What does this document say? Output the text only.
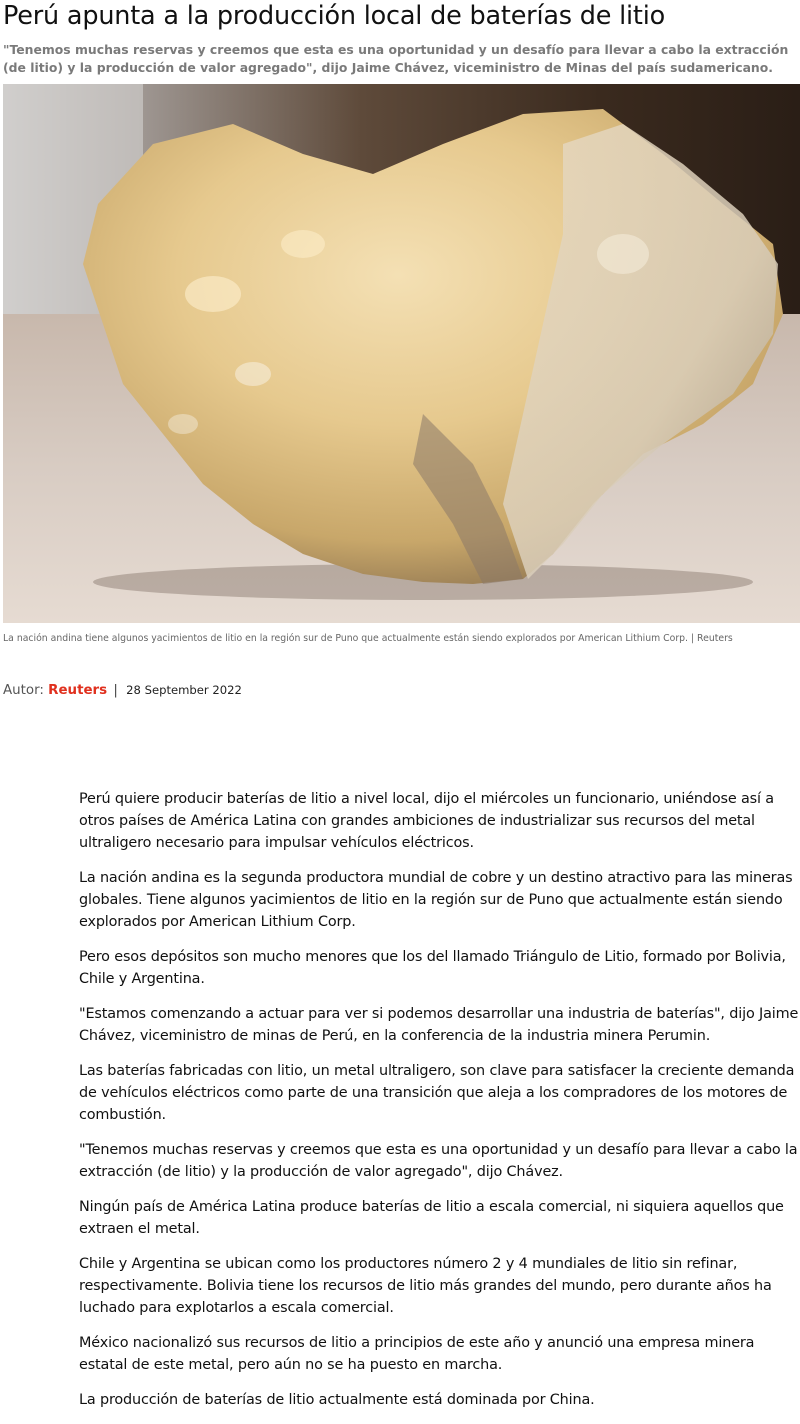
Perú apunta a la producción local de baterías de litio

"Tenemos muchas reservas y creemos que esta es una oportunidad y un desafío para llevar a cabo la extracción (de litio) y la producción de valor agregado", dijo Jaime Chávez, viceministro de Minas del país sudamericano.

La nación andina tiene algunos yacimientos de litio en la región sur de Puno que actualmente están siendo explorados por American Lithium Corp. | Reuters

Autor: Reuters | 28 September 2022

Perú quiere producir baterías de litio a nivel local, dijo el miércoles un funcionario, uniéndose así a otros países de América Latina con grandes ambiciones de industrializar sus recursos del metal ultraligero necesario para impulsar vehículos eléctricos.

La nación andina es la segunda productora mundial de cobre y un destino atractivo para las mineras globales. Tiene algunos yacimientos de litio en la región sur de Puno que actualmente están siendo explorados por American Lithium Corp.

Pero esos depósitos son mucho menores que los del llamado Triángulo de Litio, formado por Bolivia, Chile y Argentina.

"Estamos comenzando a actuar para ver si podemos desarrollar una industria de baterías", dijo Jaime Chávez, viceministro de minas de Perú, en la conferencia de la industria minera Perumin.

Las baterías fabricadas con litio, un metal ultraligero, son clave para satisfacer la creciente demanda de vehículos eléctricos como parte de una transición que aleja a los compradores de los motores de combustión.

"Tenemos muchas reservas y creemos que esta es una oportunidad y un desafío para llevar a cabo la extracción (de litio) y la producción de valor agregado", dijo Chávez.

Ningún país de América Latina produce baterías de litio a escala comercial, ni siquiera aquellos que extraen el metal.

Chile y Argentina se ubican como los productores número 2 y 4 mundiales de litio sin refinar, respectivamente. Bolivia tiene los recursos de litio más grandes del mundo, pero durante años ha luchado para explotarlos a escala comercial.

México nacionalizó sus recursos de litio a principios de este año y anunció una empresa minera estatal de este metal, pero aún no se ha puesto en marcha.

La producción de baterías de litio actualmente está dominada por China.
